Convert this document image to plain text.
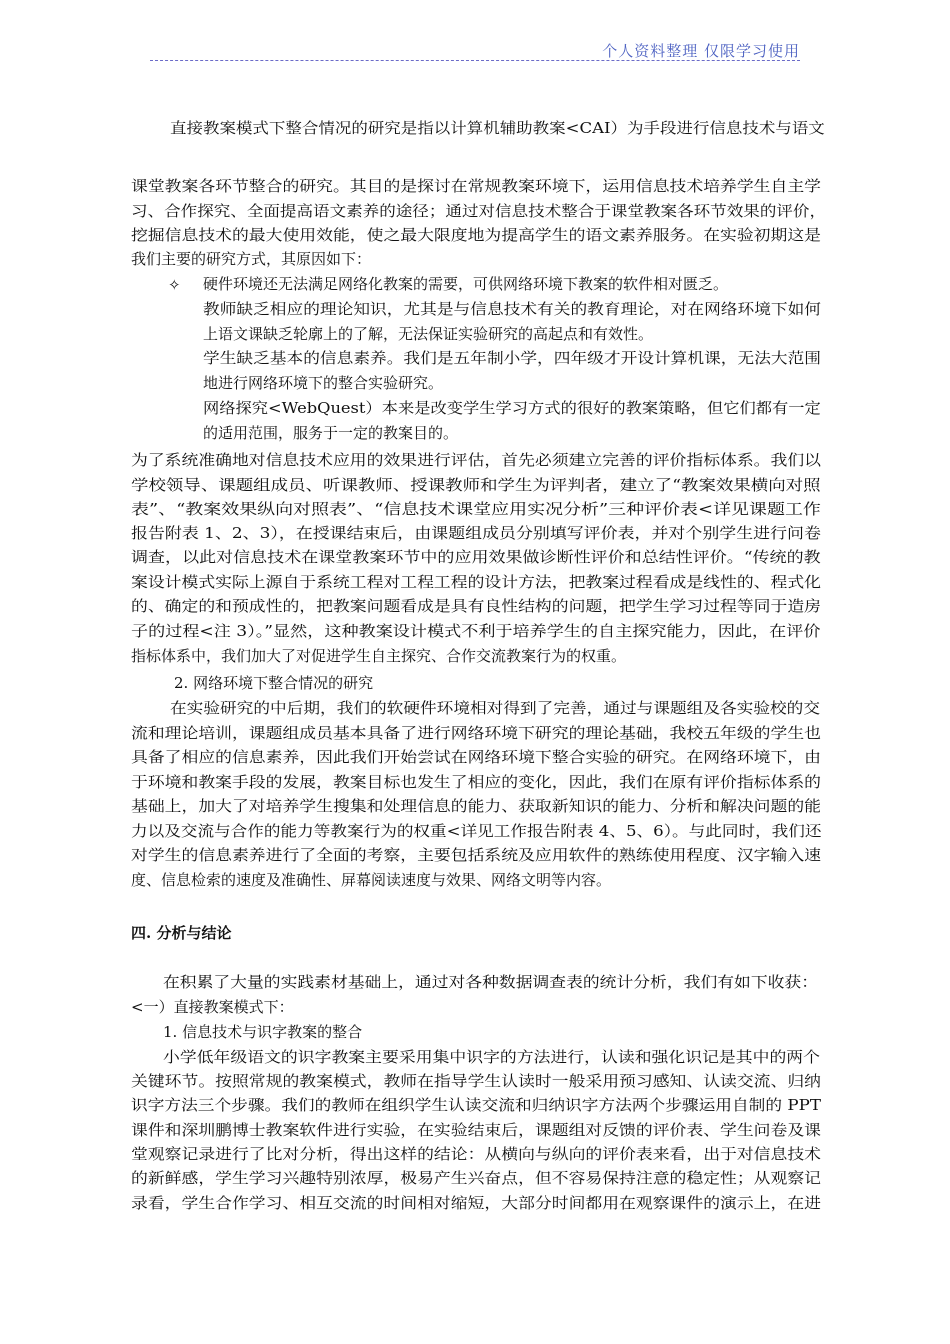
个人资料整理 仅限学习使用
✧
直接教案模式下整合情况的研究是指以计算机辅助教案<CAI）为手段进行信息技术与语文
课堂教案各环节整合的研究。其目的是探讨在常规教案环境下，运用信息技术培养学生自主学
习、合作探究、全面提高语文素养的途径；通过对信息技术整合于课堂教案各环节效果的评价，
挖掘信息技术的最大使用效能，使之最大限度地为提高学生的语文素养服务。在实验初期这是
我们主要的研究方式，其原因如下：
硬件环境还无法满足网络化教案的需要，可供网络环境下教案的软件相对匮乏。
教师缺乏相应的理论知识，尤其是与信息技术有关的教育理论，对在网络环境下如何
上语文课缺乏轮廓上的了解，无法保证实验研究的高起点和有效性。
学生缺乏基本的信息素养。我们是五年制小学，四年级才开设计算机课，无法大范围
地进行网络环境下的整合实验研究。
网络探究<WebQuest）本来是改变学生学习方式的很好的教案策略，但它们都有一定
的适用范围，服务于一定的教案目的。
为了系统准确地对信息技术应用的效果进行评估，首先必须建立完善的评价指标体系。我们以
学校领导、课题组成员、听课教师、授课教师和学生为评判者，建立了“教案效果横向对照
表”、“教案效果纵向对照表”、“信息技术课堂应用实况分析”三种评价表<详见课题工作
报告附表 1、2、3），在授课结束后，由课题组成员分别填写评价表，并对个别学生进行问卷
调查，以此对信息技术在课堂教案环节中的应用效果做诊断性评价和总结性评价。“传统的教
案设计模式实际上源自于系统工程对工程工程的设计方法，把教案过程看成是线性的、程式化
的、确定的和预成性的，把教案问题看成是具有良性结构的问题，把学生学习过程等同于造房
子的过程<注 3）。”显然，这种教案设计模式不利于培养学生的自主探究能力，因此，在评价
指标体系中，我们加大了对促进学生自主探究、合作交流教案行为的权重。
2. 网络环境下整合情况的研究
在实验研究的中后期，我们的软硬件环境相对得到了完善，通过与课题组及各实验校的交
流和理论培训，课题组成员基本具备了进行网络环境下研究的理论基础，我校五年级的学生也
具备了相应的信息素养，因此我们开始尝试在网络环境下整合实验的研究。在网络环境下，由
于环境和教案手段的发展，教案目标也发生了相应的变化，因此，我们在原有评价指标体系的
基础上，加大了对培养学生搜集和处理信息的能力、获取新知识的能力、分析和解决问题的能
力以及交流与合作的能力等教案行为的权重<详见工作报告附表 4、5、6）。与此同时，我们还
对学生的信息素养进行了全面的考察，主要包括系统及应用软件的熟练使用程度、汉字输入速
度、信息检索的速度及准确性、屏幕阅读速度与效果、网络文明等内容。
四. 分析与结论
在积累了大量的实践素材基础上，通过对各种数据调查表的统计分析，我们有如下收获：
<一）直接教案模式下：
1. 信息技术与识字教案的整合
小学低年级语文的识字教案主要采用集中识字的方法进行，认读和强化识记是其中的两个
关键环节。按照常规的教案模式，教师在指导学生认读时一般采用预习感知、认读交流、归纳
识字方法三个步骤。我们的教师在组织学生认读交流和归纳识字方法两个步骤运用自制的 PPT
课件和深圳鹏博士教案软件进行实验，在实验结束后，课题组对反馈的评价表、学生问卷及课
堂观察记录进行了比对分析，得出这样的结论：从横向与纵向的评价表来看，出于对信息技术
的新鲜感，学生学习兴趣特别浓厚，极易产生兴奋点，但不容易保持注意的稳定性；从观察记
录看，学生合作学习、相互交流的时间相对缩短，大部分时间都用在观察课件的演示上，在进
